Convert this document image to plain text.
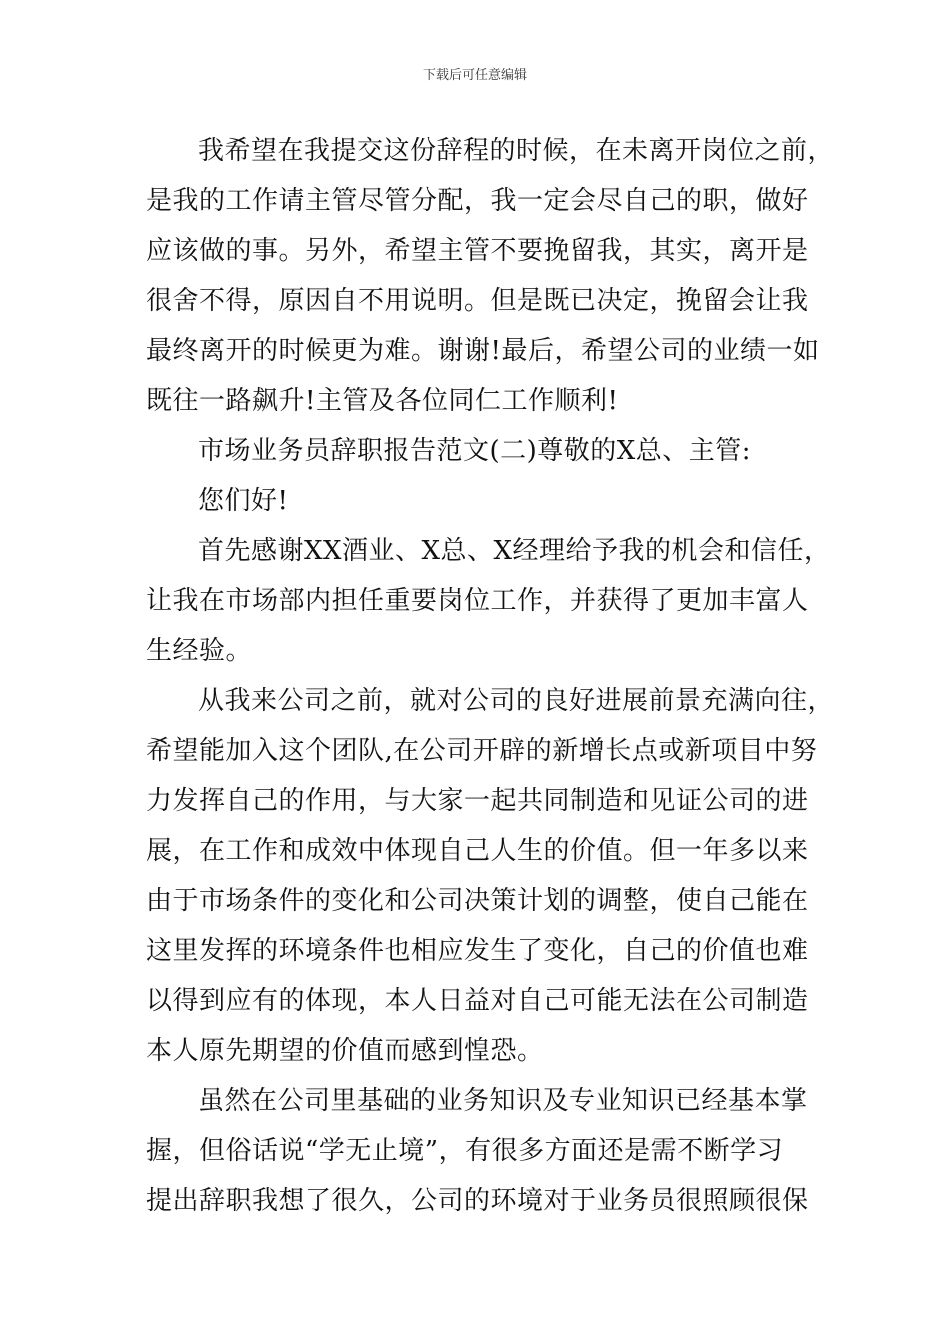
下载后可任意编辑
我希望在我提交这份辞程的时候，在未离开岗位之前，
是我的工作请主管尽管分配，我一定会尽自己的职，做好
应该做的事。另外，希望主管不要挽留我，其实，离开是
很舍不得，原因自不用说明。但是既已决定，挽留会让我
最终离开的时候更为难。谢谢!最后，希望公司的业绩一如
既往一路飙升!主管及各位同仁工作顺利!
市场业务员辞职报告范文(二)尊敬的X总、主管:
您们好!
首先感谢XX酒业、X总、X经理给予我的机会和信任，
让我在市场部内担任重要岗位工作，并获得了更加丰富人
生经验。
从我来公司之前，就对公司的良好进展前景充满向往，
希望能加入这个团队,在公司开辟的新增长点或新项目中努
力发挥自己的作用，与大家一起共同制造和见证公司的进
展，在工作和成效中体现自己人生的价值。但一年多以来
由于市场条件的变化和公司决策计划的调整，使自己能在
这里发挥的环境条件也相应发生了变化，自己的价值也难
以得到应有的体现，本人日益对自己可能无法在公司制造
本人原先期望的价值而感到惶恐。
虽然在公司里基础的业务知识及专业知识已经基本掌
握，但俗话说“学无止境”，有很多方面还是需不断学习
提出辞职我想了很久，公司的环境对于业务员很照顾很保
